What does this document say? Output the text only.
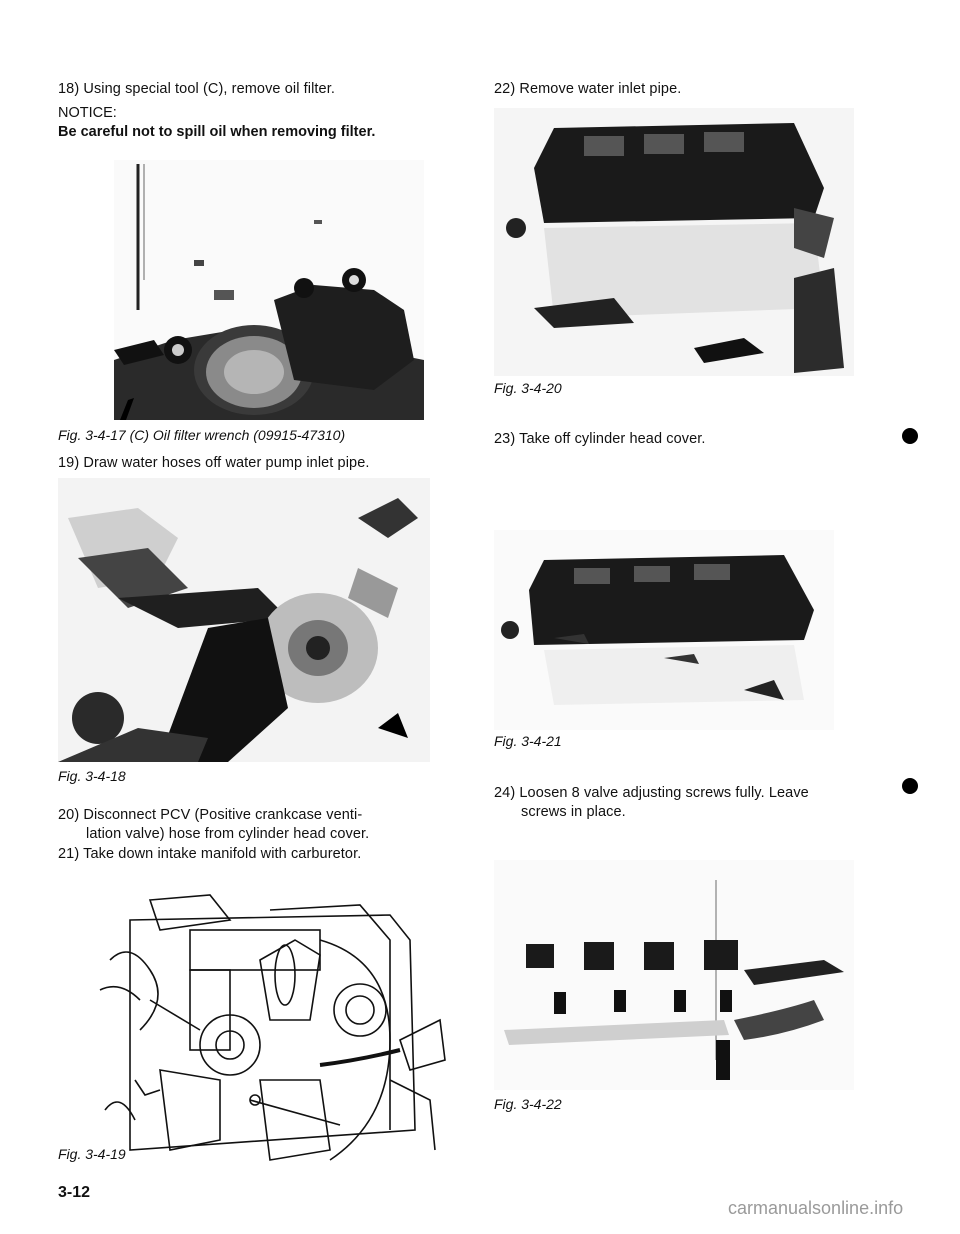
18) Using special tool (C), remove oil filter.
NOTICE:
Be careful not to spill oil when removing filter.
Fig. 3-4-17 (C) Oil filter wrench (09915-47310)
19) Draw water hoses off water pump inlet pipe.
Fig. 3-4-18
20) Disconnect PCV (Positive crankcase venti-
lation valve) hose from cylinder head cover.
21) Take down intake manifold with carburetor.
Fig. 3-4-19
3-12
22) Remove water inlet pipe.
Fig. 3-4-20
23) Take off cylinder head cover.
Fig. 3-4-21
24) Loosen 8 valve adjusting screws fully. Leave
screws in place.
Fig. 3-4-22
carmanualsonline.info
